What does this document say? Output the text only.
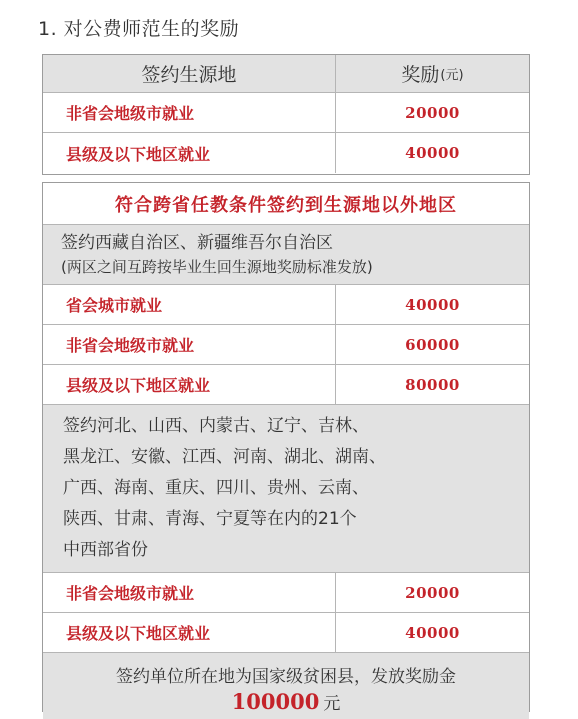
1. 对公费师范生的奖励
签约生源地	奖励 (元)
非省会地级市就业	20000
县级及以下地区就业	40000
符合跨省任教条件签约到生源地以外地区
签约西藏自治区、新疆维吾尔自治区
(两区之间互跨按毕业生回生源地奖励标准发放)
省会城市就业	40000
非省会地级市就业	60000
县级及以下地区就业	80000
签约河北、山西、内蒙古、辽宁、吉林、
黑龙江、安徽、江西、河南、湖北、湖南、
广西、海南、重庆、四川、贵州、云南、
陕西、甘肃、青海、宁夏等在内的21个
中西部省份
非省会地级市就业	20000
县级及以下地区就业	40000
签约单位所在地为国家级贫困县，发放奖励金
100000 元
